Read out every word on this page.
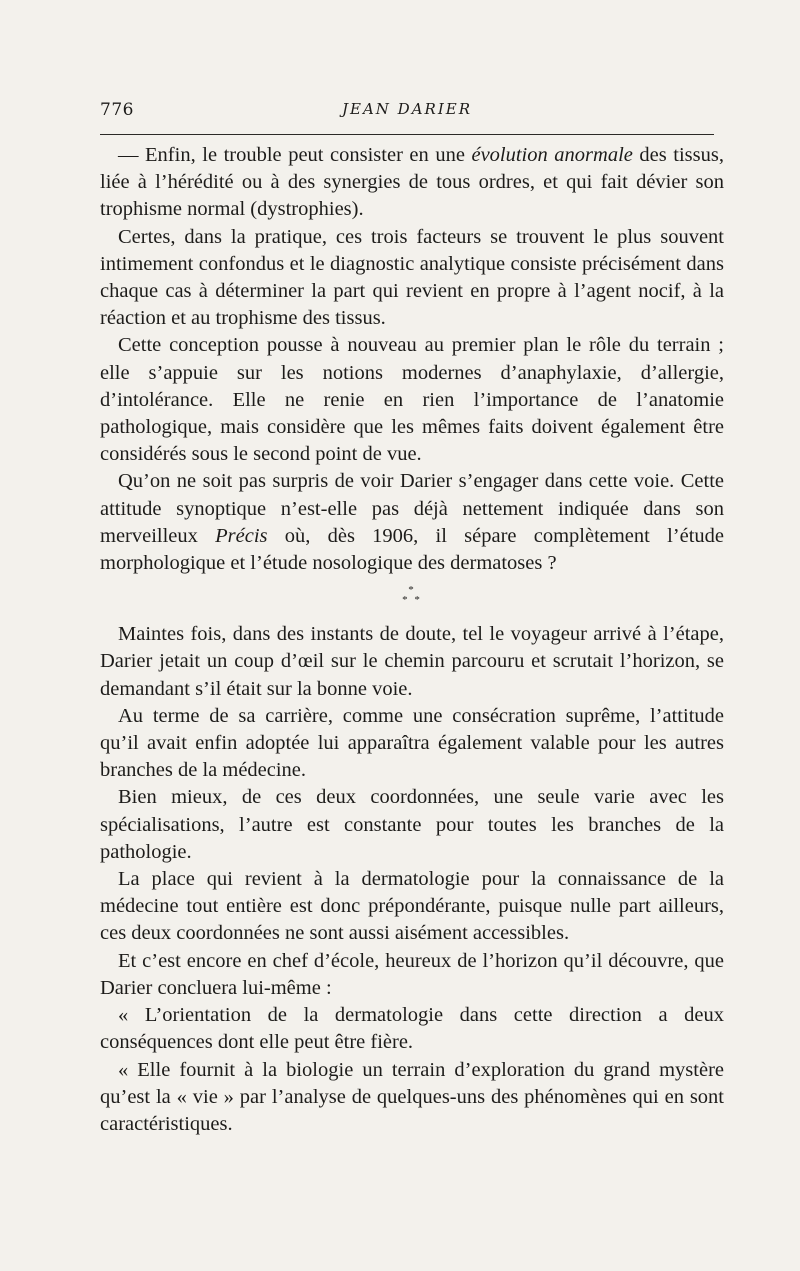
776	JEAN DARIER

— Enfin, le trouble peut consister en une évolution anormale des tissus, liée à l’hérédité ou à des synergies de tous ordres, et qui fait dévier son trophisme normal (dystrophies).

Certes, dans la pratique, ces trois facteurs se trouvent le plus souvent intimement confondus et le diagnostic analytique consiste précisément dans chaque cas à déterminer la part qui revient en propre à l’agent nocif, à la réaction et au trophisme des tissus.

Cette conception pousse à nouveau au premier plan le rôle du terrain ; elle s’appuie sur les notions modernes d’anaphylaxie, d’allergie, d’intolérance. Elle ne renie en rien l’importance de l’anatomie pathologique, mais considère que les mêmes faits doivent également être considérés sous le second point de vue.

Qu’on ne soit pas surpris de voir Darier s’engager dans cette voie. Cette attitude synoptique n’est-elle pas déjà nettement indiquée dans son merveilleux Précis où, dès 1906, il sépare complètement l’étude morphologique et l’étude nosologique des dermatoses ?

*
* *

Maintes fois, dans des instants de doute, tel le voyageur arrivé à l’étape, Darier jetait un coup d’œil sur le chemin parcouru et scrutait l’horizon, se demandant s’il était sur la bonne voie.

Au terme de sa carrière, comme une consécration suprême, l’attitude qu’il avait enfin adoptée lui apparaîtra également valable pour les autres branches de la médecine.

Bien mieux, de ces deux coordonnées, une seule varie avec les spécialisations, l’autre est constante pour toutes les branches de la pathologie.

La place qui revient à la dermatologie pour la connaissance de la médecine tout entière est donc prépondérante, puisque nulle part ailleurs, ces deux coordonnées ne sont aussi aisément accessibles.

Et c’est encore en chef d’école, heureux de l’horizon qu’il découvre, que Darier concluera lui-même :

« L’orientation de la dermatologie dans cette direction a deux conséquences dont elle peut être fière.

« Elle fournit à la biologie un terrain d’exploration du grand mystère qu’est la « vie » par l’analyse de quelques-uns des phénomènes qui en sont caractéristiques.
